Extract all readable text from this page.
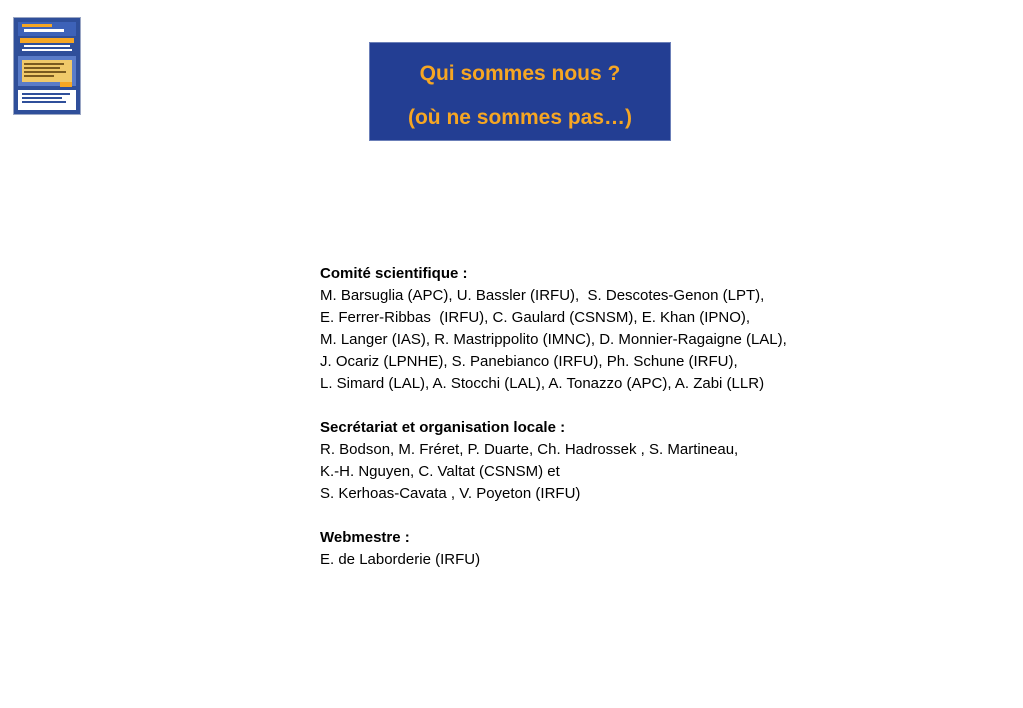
Qui sommes nous ?
(où ne sommes pas…)
Comité scientifique :
M. Barsuglia (APC), U. Bassler (IRFU),  S. Descotes-Genon (LPT),
E. Ferrer-Ribbas  (IRFU), C. Gaulard (CSNSM), E. Khan (IPNO),
M. Langer (IAS), R. Mastrippolito (IMNC), D. Monnier-Ragaigne (LAL),
J. Ocariz (LPNHE), S. Panebianco (IRFU), Ph. Schune (IRFU),
L. Simard (LAL), A. Stocchi (LAL), A. Tonazzo (APC), A. Zabi (LLR)
Secrétariat et organisation locale :
R. Bodson, M. Fréret, P. Duarte, Ch. Hadrossek , S. Martineau,
K.-H. Nguyen, C. Valtat (CSNSM) et
S. Kerhoas-Cavata , V. Poyeton (IRFU)
Webmestre :
E. de Laborderie (IRFU)
